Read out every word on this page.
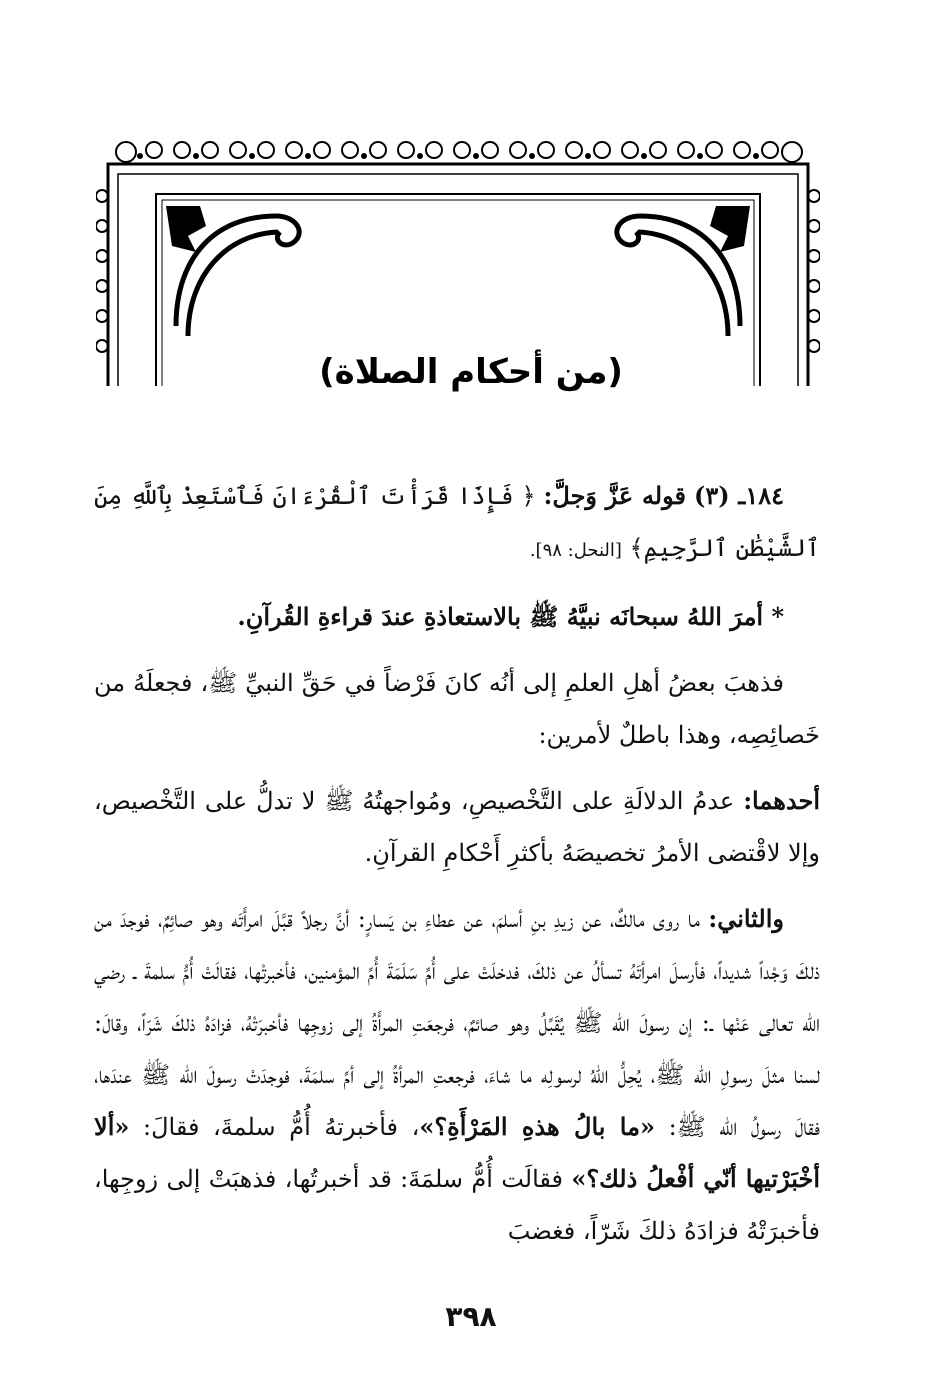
(من أحكام الصلاة)

١٨٤ـ (٣) قوله عَزَّ وَجلَّ: ﴿ فَإِذَا قَرَأْتَ ٱلْقُرْءَانَ فَٱسْتَعِذْ بِٱللَّهِ مِنَ ٱلشَّيْطَٰنِ ٱلرَّجِيمِ﴾ [النحل: ٩٨].

* أمرَ اللهُ سبحانَه نبيَّهُ ﷺ بالاستعاذةِ عندَ قراءةِ القُرآنِ.

فذهبَ بعضُ أهلِ العلمِ إلى أنُه كانَ فَرْضاً في حَقِّ النبيِّ ﷺ، فجعلَهُ من خَصائِصِه، وهذا باطلٌ لأمرين:

أحدهما: عدمُ الدلالَةِ على التَّخْصيصِ، ومُواجهتُهُ ﷺ لا تدلُّ على التَّخْصيص، وإلا لاقْتضى الأمرُ تخصيصَهُ بأكثرِ أَحْكامِ القرآنِ.

والثاني: ما روى مالكٌ، عن زيدِ بنِ أسلمَ، عن عطاءِ بن يَسارٍ: أنَّ رجلاً قبَّلَ امرأَتَه وهو صائِمٌ، فوجدَ من ذلكَ وَجْداً شديداً، فأرسلَ امرأتَهُ تسألُ عن ذلكَ، فدخلَتْ على أُمِّ سَلَمَةَ أُمِّ المؤمنين، فأخبرتْها، فقالَتْ أُمُّ سلمةَ ـ رضي الله تعالى عَنْها ـ: إن رسولَ الله ﷺ يُقَبِّلُ وهو صائمٌ، فرجعَتِ المرأَةُ إلى زوجِها فأخبرَتْهُ، فزادَهُ ذلكَ شَرّاً، وقالَ: لسنا مثلَ رسولِ الله ﷺ، يُحِلُّ اللهُ لرسولِه ما شاءَ، فرجعتِ المرأةُ إلى أمِّ سلمَةَ، فوجدَتْ رسولَ الله ﷺ عندَها، فقالَ رسولُ الله ﷺ: «ما بالُ هذهِ المَرْأَةِ؟»، فأخبرتهُ أُمُّ سلمةَ، فقالَ: «ألا أخْبَرْتيها أنّي أفْعلُ ذلك؟» فقالَت أُمُّ سلمَةَ: قد أخبرتُها، فذهبَتْ إلى زوجِها، فأخبرَتْهُ فزادَهُ ذلكَ شَرّاً، فغضبَ

٣٩٨
